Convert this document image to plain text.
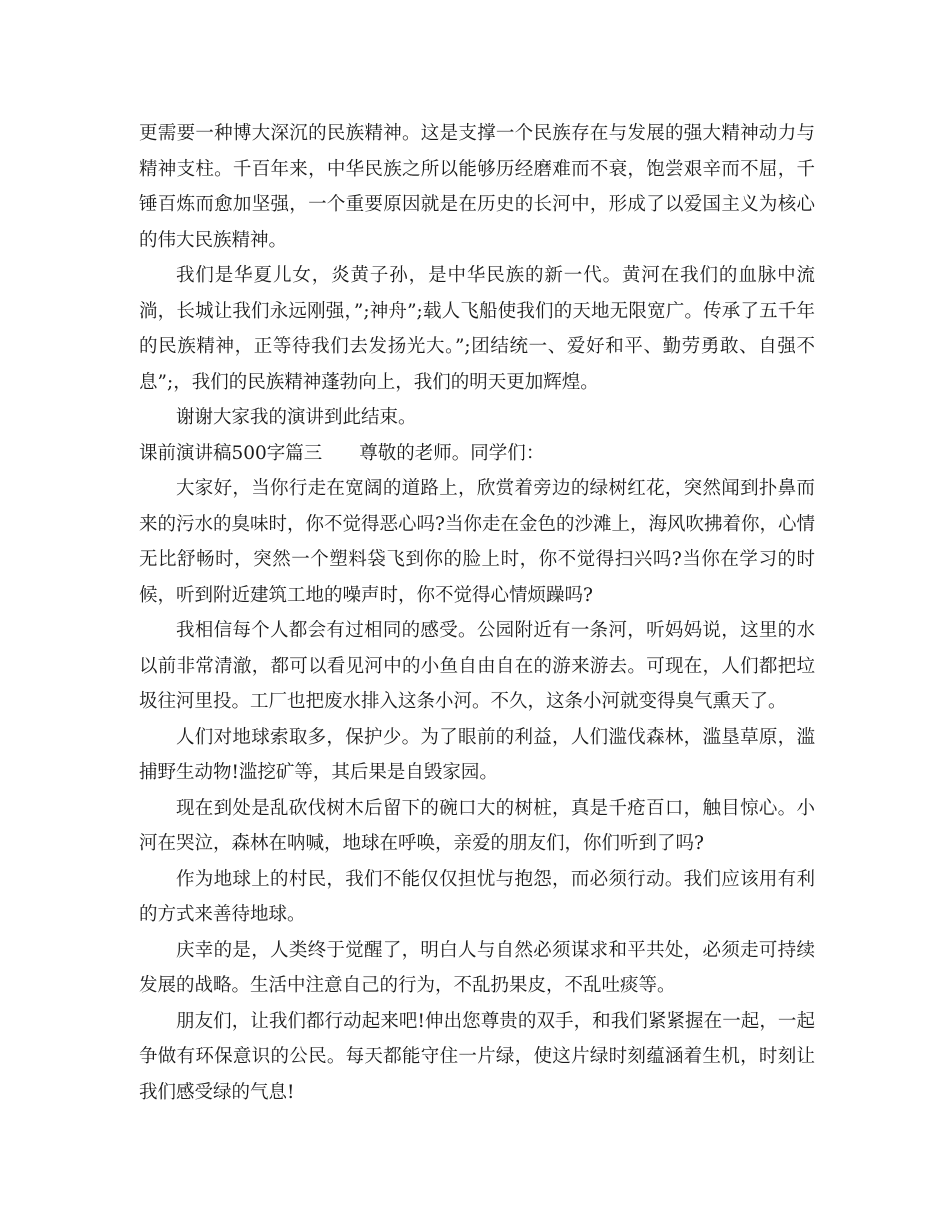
更需要一种博大深沉的民族精神。这是支撑一个民族存在与发展的强大精神动力与精神支柱。千百年来，中华民族之所以能够历经磨难而不衰，饱尝艰辛而不屈，千锤百炼而愈加坚强，一个重要原因就是在历史的长河中，形成了以爱国主义为核心的伟大民族精神。

我们是华夏儿女，炎黄子孙，是中华民族的新一代。黄河在我们的血脉中流淌，长城让我们永远刚强，”;神舟”;载人飞船使我们的天地无限宽广。传承了五千年的民族精神，正等待我们去发扬光大。”;团结统一、爱好和平、勤劳勇敢、自强不息”;，我们的民族精神蓬勃向上，我们的明天更加辉煌。

谢谢大家我的演讲到此结束。

课前演讲稿500字篇三　　尊敬的老师。同学们：

大家好，当你行走在宽阔的道路上，欣赏着旁边的绿树红花，突然闻到扑鼻而来的污水的臭味时，你不觉得恶心吗?当你走在金色的沙滩上，海风吹拂着你，心情无比舒畅时，突然一个塑料袋飞到你的脸上时，你不觉得扫兴吗?当你在学习的时候，听到附近建筑工地的噪声时，你不觉得心情烦躁吗?

我相信每个人都会有过相同的感受。公园附近有一条河，听妈妈说，这里的水以前非常清澈，都可以看见河中的小鱼自由自在的游来游去。可现在，人们都把垃圾往河里投。工厂也把废水排入这条小河。不久，这条小河就变得臭气熏天了。

人们对地球索取多，保护少。为了眼前的利益，人们滥伐森林，滥垦草原，滥捕野生动物!滥挖矿等，其后果是自毁家园。

现在到处是乱砍伐树木后留下的碗口大的树桩，真是千疮百口，触目惊心。小河在哭泣，森林在呐喊，地球在呼唤，亲爱的朋友们，你们听到了吗?

作为地球上的村民，我们不能仅仅担忧与抱怨，而必须行动。我们应该用有利的方式来善待地球。

庆幸的是，人类终于觉醒了，明白人与自然必须谋求和平共处，必须走可持续发展的战略。生活中注意自己的行为，不乱扔果皮，不乱吐痰等。

朋友们，让我们都行动起来吧!伸出您尊贵的双手，和我们紧紧握在一起，一起争做有环保意识的公民。每天都能守住一片绿，使这片绿时刻蕴涵着生机，时刻让我们感受绿的气息!
